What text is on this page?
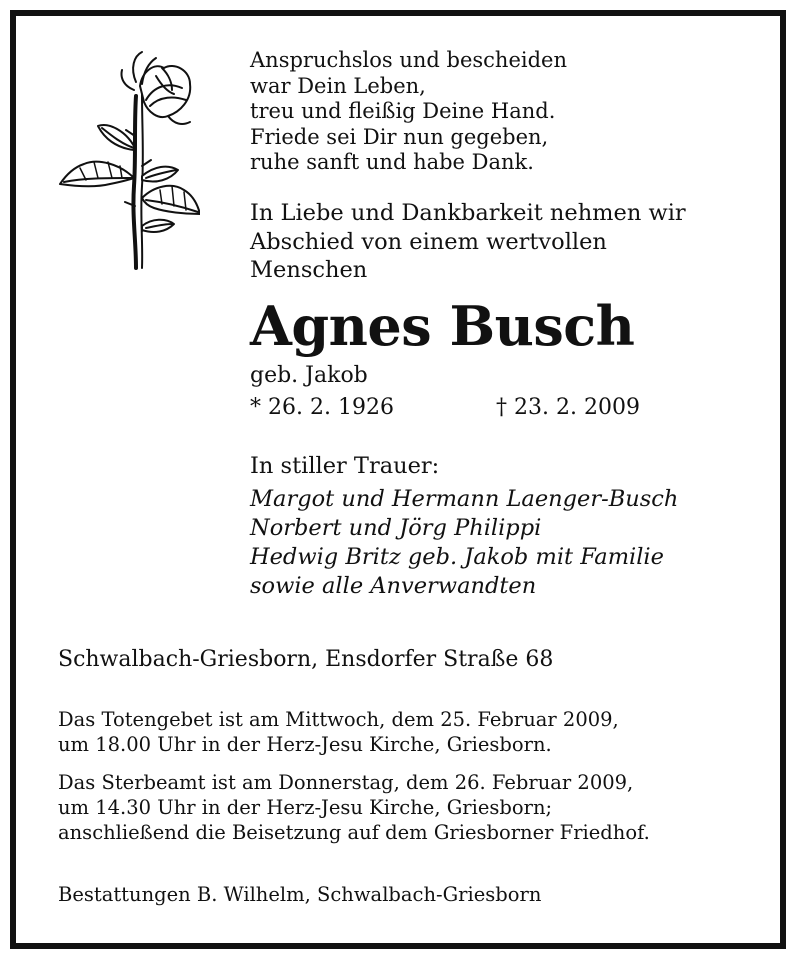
Anspruchslos und bescheiden
war Dein Leben,
treu und fleißig Deine Hand.
Friede sei Dir nun gegeben,
ruhe sanft und habe Dank.
In Liebe und Dankbarkeit nehmen wir
Abschied von einem wertvollen
Menschen
Agnes Busch
geb. Jakob
* 26. 2. 1926	† 23. 2. 2009
In stiller Trauer:
Margot und Hermann Laenger-Busch
Norbert und Jörg Philippi
Hedwig Britz geb. Jakob mit Familie
sowie alle Anverwandten
Schwalbach-Griesborn, Ensdorfer Straße 68
Das Totengebet ist am Mittwoch, dem 25. Februar 2009,
um 18.00 Uhr in der Herz-Jesu Kirche, Griesborn.
Das Sterbeamt ist am Donnerstag, dem 26. Februar 2009,
um 14.30 Uhr in der Herz-Jesu Kirche, Griesborn;
anschließend die Beisetzung auf dem Griesborner Friedhof.
Bestattungen B. Wilhelm, Schwalbach-Griesborn
